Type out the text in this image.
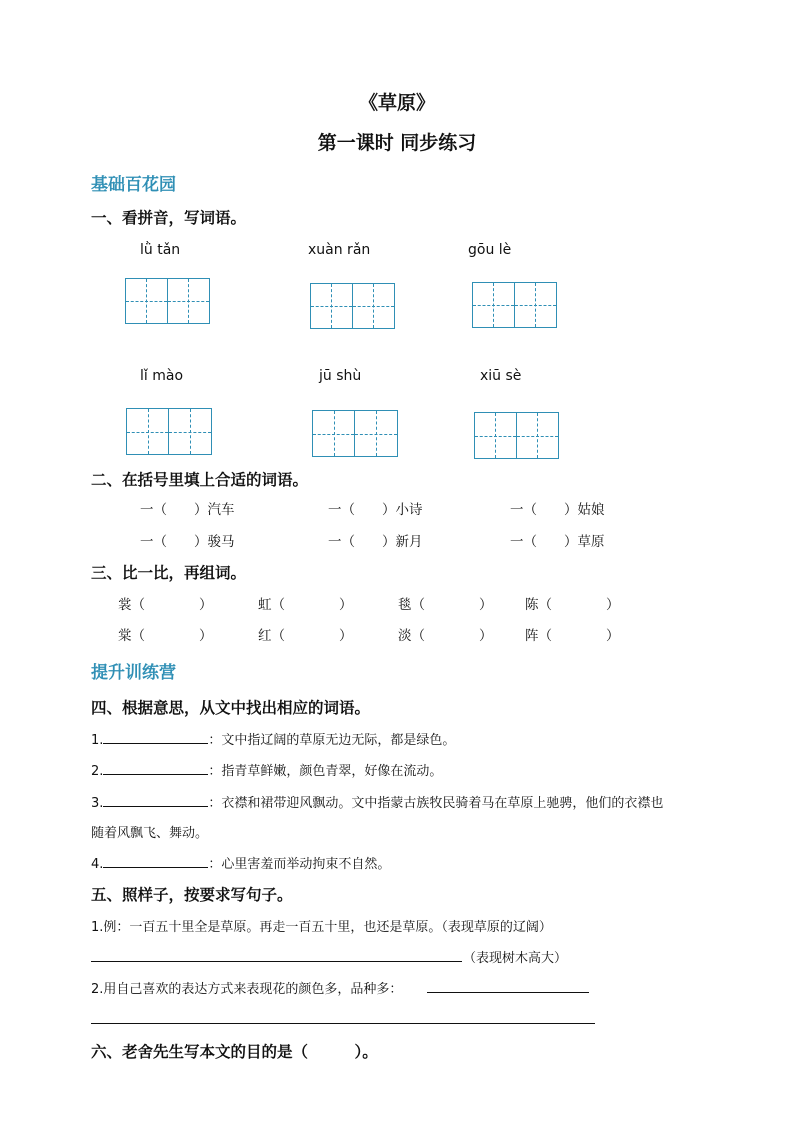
《草原》
第一课时 同步练习
基础百花园
一、看拼音，写词语。
lǜ tǎn	xuàn rǎn	gōu lè
lǐ mào	jū shù	xiū sè
二、在括号里填上合适的词语。
一（　　）汽车	一（　　）小诗	一（　　）姑娘
一（　　）骏马	一（　　）新月	一（　　）草原
三、比一比，再组词。
裳（　　　　）	虹（　　　　）	毯（　　　　） 陈（　　　　）
棠（　　　　）	红（　　　　）	淡（　　　　） 阵（　　　　）
提升训练营
四、根据意思，从文中找出相应的词语。
1.	：文中指辽阔的草原无边无际，都是绿色。
2.	：指青草鲜嫩，颜色青翠，好像在流动。
3.	：衣襟和裙带迎风飘动。文中指蒙古族牧民骑着马在草原上驰骋，他们的衣襟也
随着风飘飞、舞动。
4.	：心里害羞而举动拘束不自然。
五、照样子，按要求写句子。
1.例：一百五十里全是草原。再走一百五十里，也还是草原。（表现草原的辽阔）
（表现树木高大）
2.用自己喜欢的表达方式来表现花的颜色多，品种多：
六、老舍先生写本文的目的是（　　　）。
